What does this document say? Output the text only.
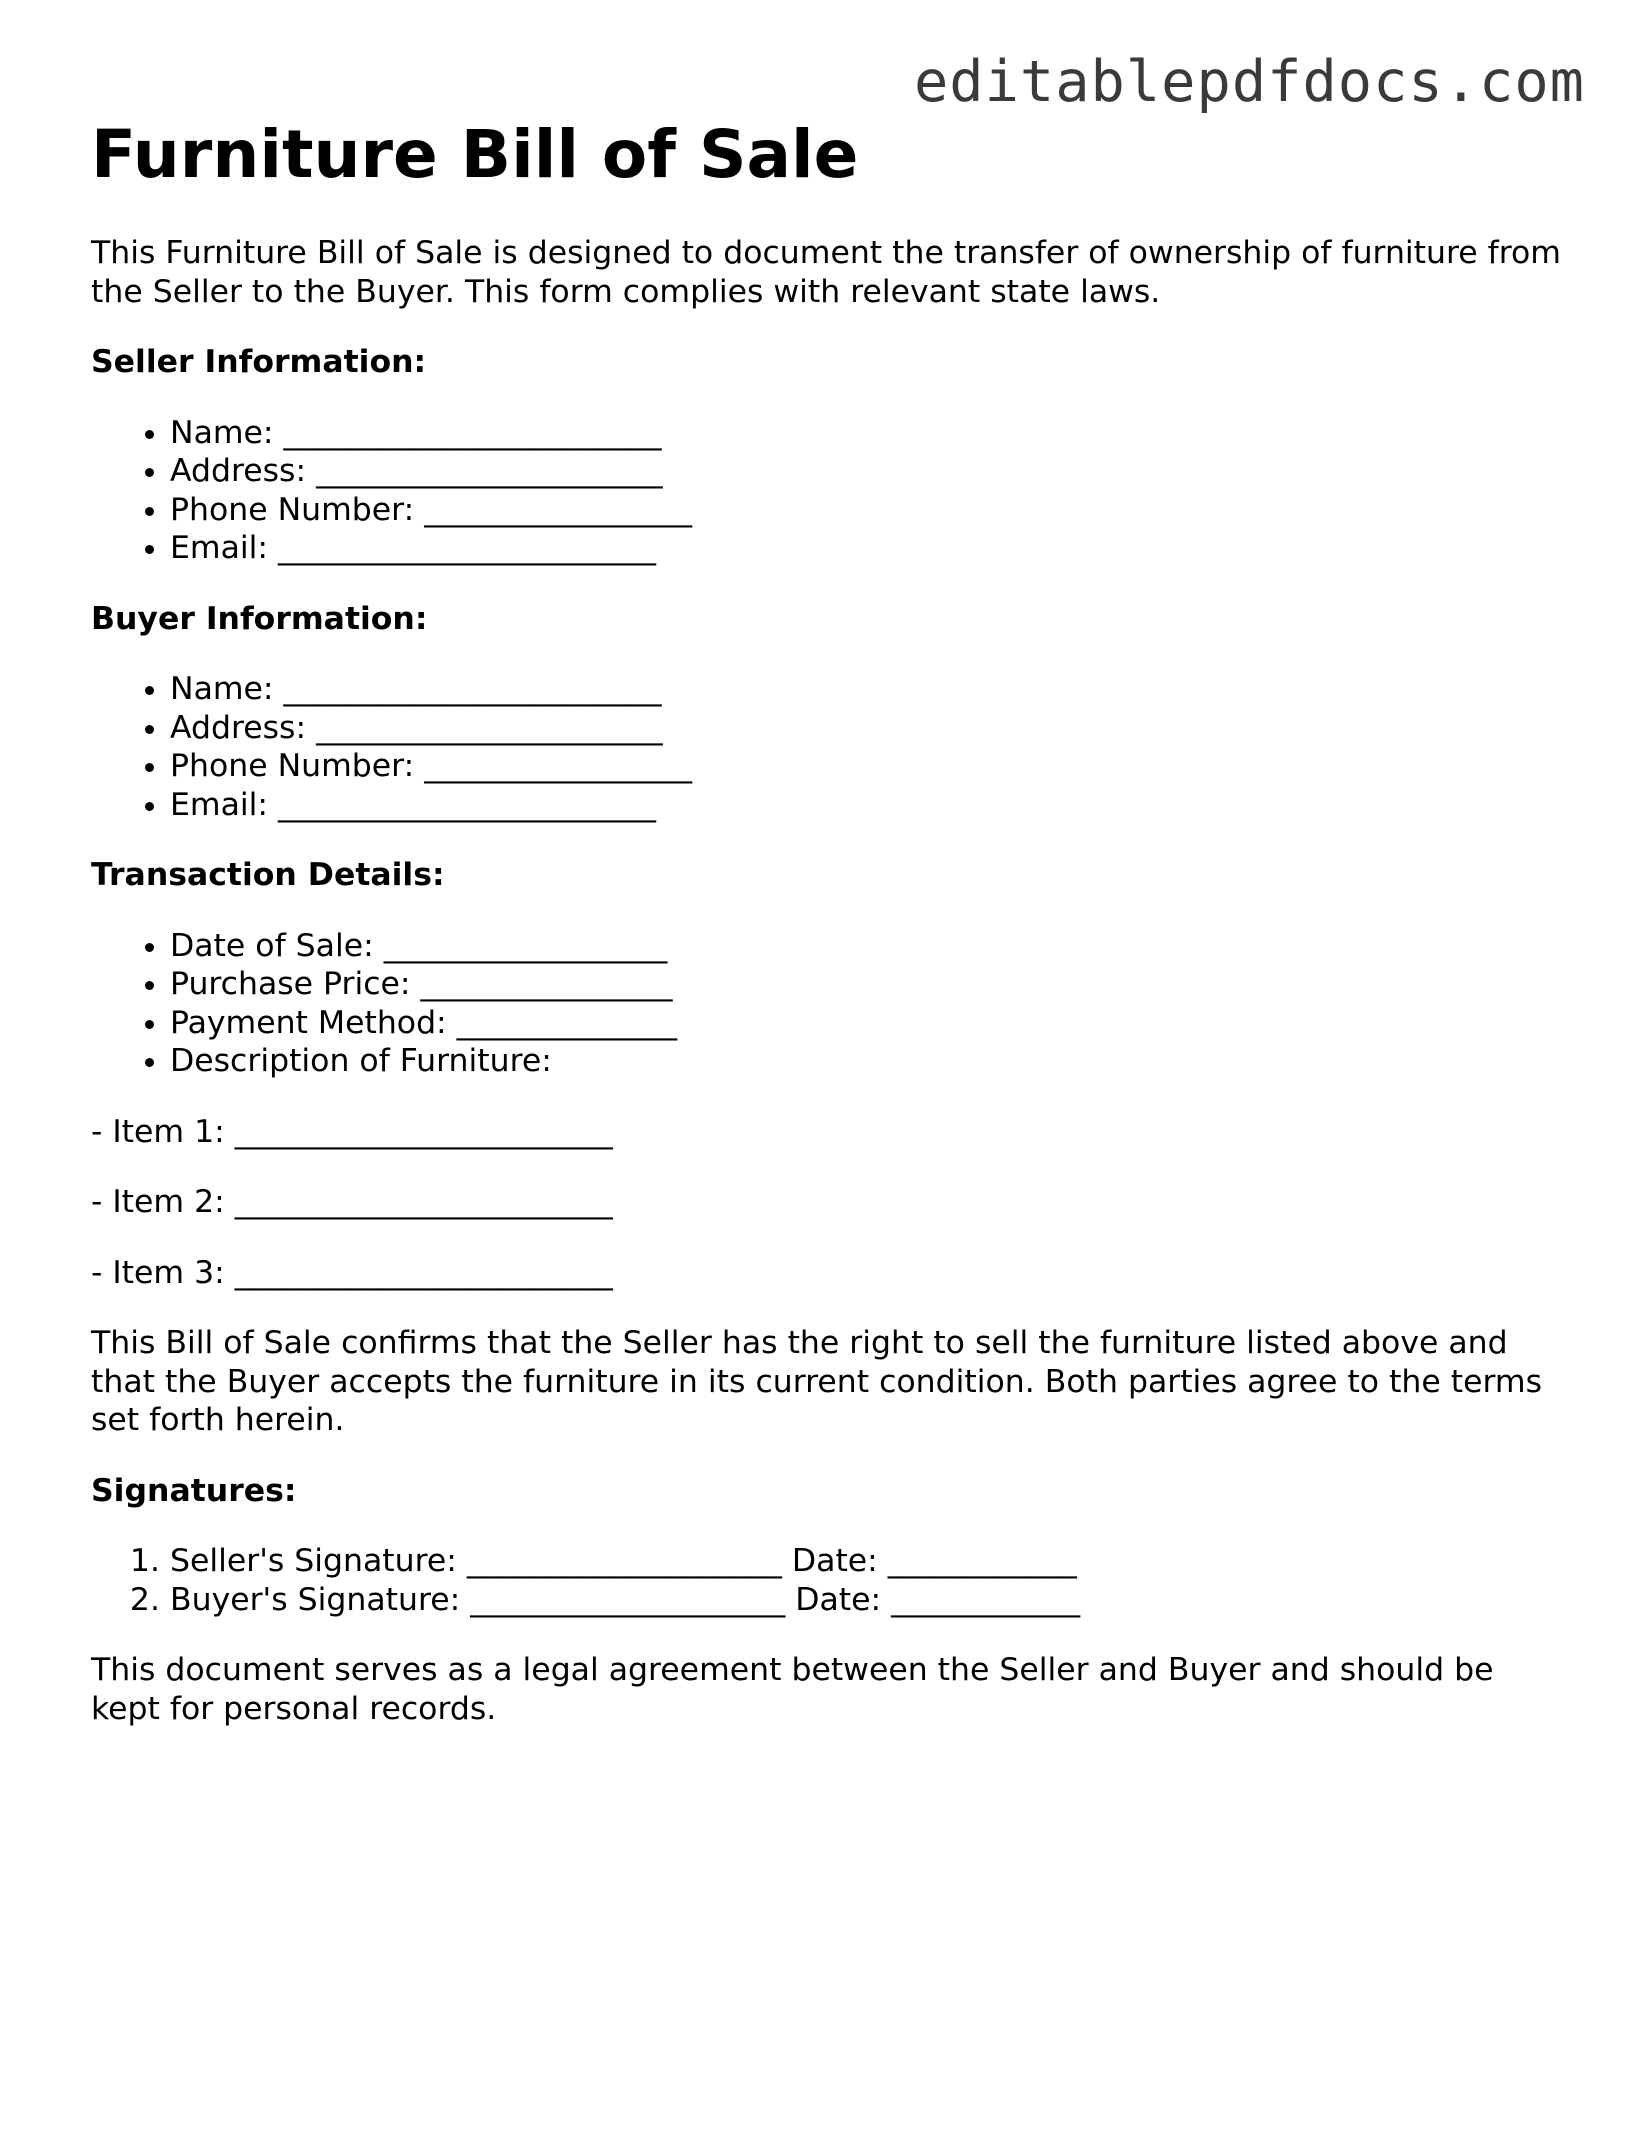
editablepdfdocs.com
Furniture Bill of Sale

This Furniture Bill of Sale is designed to document the transfer of ownership of furniture from the Seller to the Buyer. This form complies with relevant state laws.

Seller Information:
• Name: ________________________
• Address: ______________________
• Phone Number: _________________
• Email: ________________________
Buyer Information:
• Name: ________________________
• Address: ______________________
• Phone Number: _________________
• Email: ________________________
Transaction Details:
• Date of Sale: __________________
• Purchase Price: ________________
• Payment Method: ______________
• Description of Furniture:
- Item 1: ________________________
- Item 2: ________________________
- Item 3: ________________________

This Bill of Sale confirms that the Seller has the right to sell the furniture listed above and that the Buyer accepts the furniture in its current condition. Both parties agree to the terms set forth herein.

Signatures:
1. Seller's Signature: ____________________ Date: ____________
2. Buyer's Signature: ____________________ Date: ____________

This document serves as a legal agreement between the Seller and Buyer and should be kept for personal records.
